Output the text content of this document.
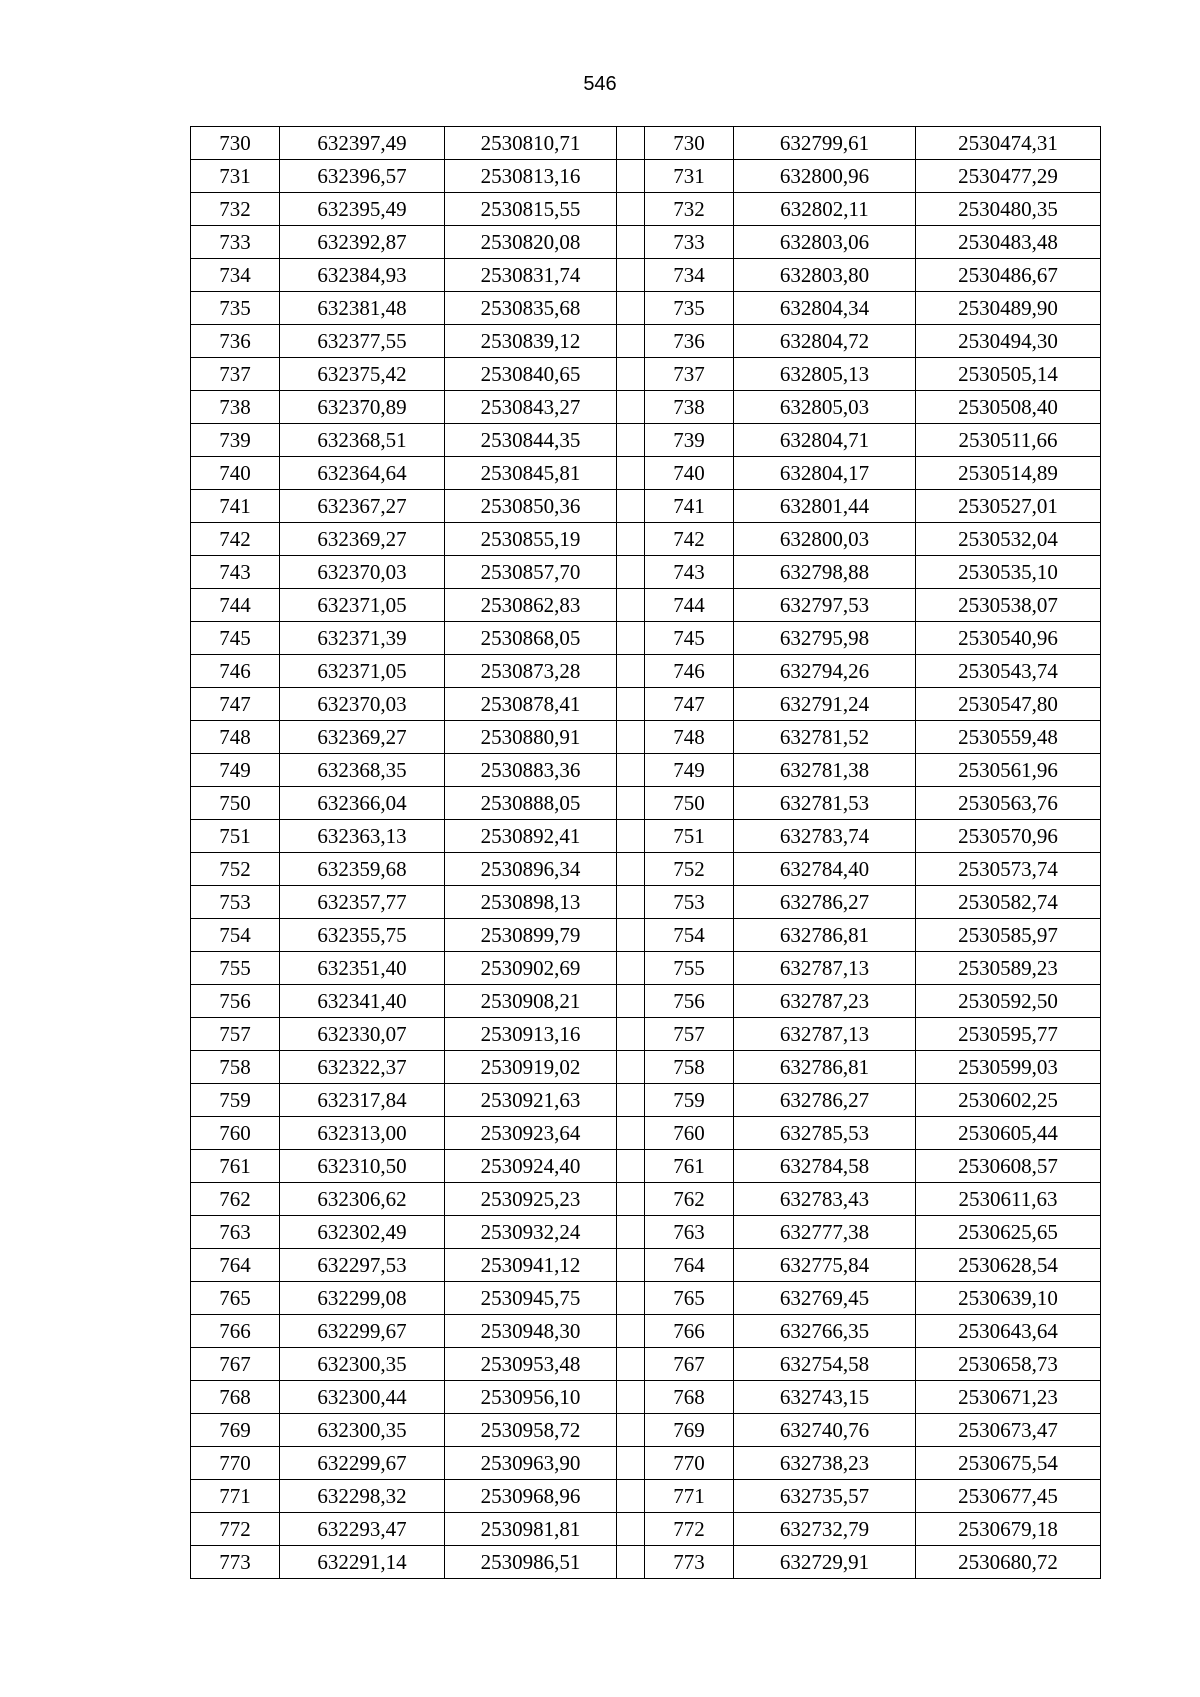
546
730	632397,49	2530810,71		730	632799,61	2530474,31
731	632396,57	2530813,16		731	632800,96	2530477,29
732	632395,49	2530815,55		732	632802,11	2530480,35
733	632392,87	2530820,08		733	632803,06	2530483,48
734	632384,93	2530831,74		734	632803,80	2530486,67
735	632381,48	2530835,68		735	632804,34	2530489,90
736	632377,55	2530839,12		736	632804,72	2530494,30
737	632375,42	2530840,65		737	632805,13	2530505,14
738	632370,89	2530843,27		738	632805,03	2530508,40
739	632368,51	2530844,35		739	632804,71	2530511,66
740	632364,64	2530845,81		740	632804,17	2530514,89
741	632367,27	2530850,36		741	632801,44	2530527,01
742	632369,27	2530855,19		742	632800,03	2530532,04
743	632370,03	2530857,70		743	632798,88	2530535,10
744	632371,05	2530862,83		744	632797,53	2530538,07
745	632371,39	2530868,05		745	632795,98	2530540,96
746	632371,05	2530873,28		746	632794,26	2530543,74
747	632370,03	2530878,41		747	632791,24	2530547,80
748	632369,27	2530880,91		748	632781,52	2530559,48
749	632368,35	2530883,36		749	632781,38	2530561,96
750	632366,04	2530888,05		750	632781,53	2530563,76
751	632363,13	2530892,41		751	632783,74	2530570,96
752	632359,68	2530896,34		752	632784,40	2530573,74
753	632357,77	2530898,13		753	632786,27	2530582,74
754	632355,75	2530899,79		754	632786,81	2530585,97
755	632351,40	2530902,69		755	632787,13	2530589,23
756	632341,40	2530908,21		756	632787,23	2530592,50
757	632330,07	2530913,16		757	632787,13	2530595,77
758	632322,37	2530919,02		758	632786,81	2530599,03
759	632317,84	2530921,63		759	632786,27	2530602,25
760	632313,00	2530923,64		760	632785,53	2530605,44
761	632310,50	2530924,40		761	632784,58	2530608,57
762	632306,62	2530925,23		762	632783,43	2530611,63
763	632302,49	2530932,24		763	632777,38	2530625,65
764	632297,53	2530941,12		764	632775,84	2530628,54
765	632299,08	2530945,75		765	632769,45	2530639,10
766	632299,67	2530948,30		766	632766,35	2530643,64
767	632300,35	2530953,48		767	632754,58	2530658,73
768	632300,44	2530956,10		768	632743,15	2530671,23
769	632300,35	2530958,72		769	632740,76	2530673,47
770	632299,67	2530963,90		770	632738,23	2530675,54
771	632298,32	2530968,96		771	632735,57	2530677,45
772	632293,47	2530981,81		772	632732,79	2530679,18
773	632291,14	2530986,51		773	632729,91	2530680,72
